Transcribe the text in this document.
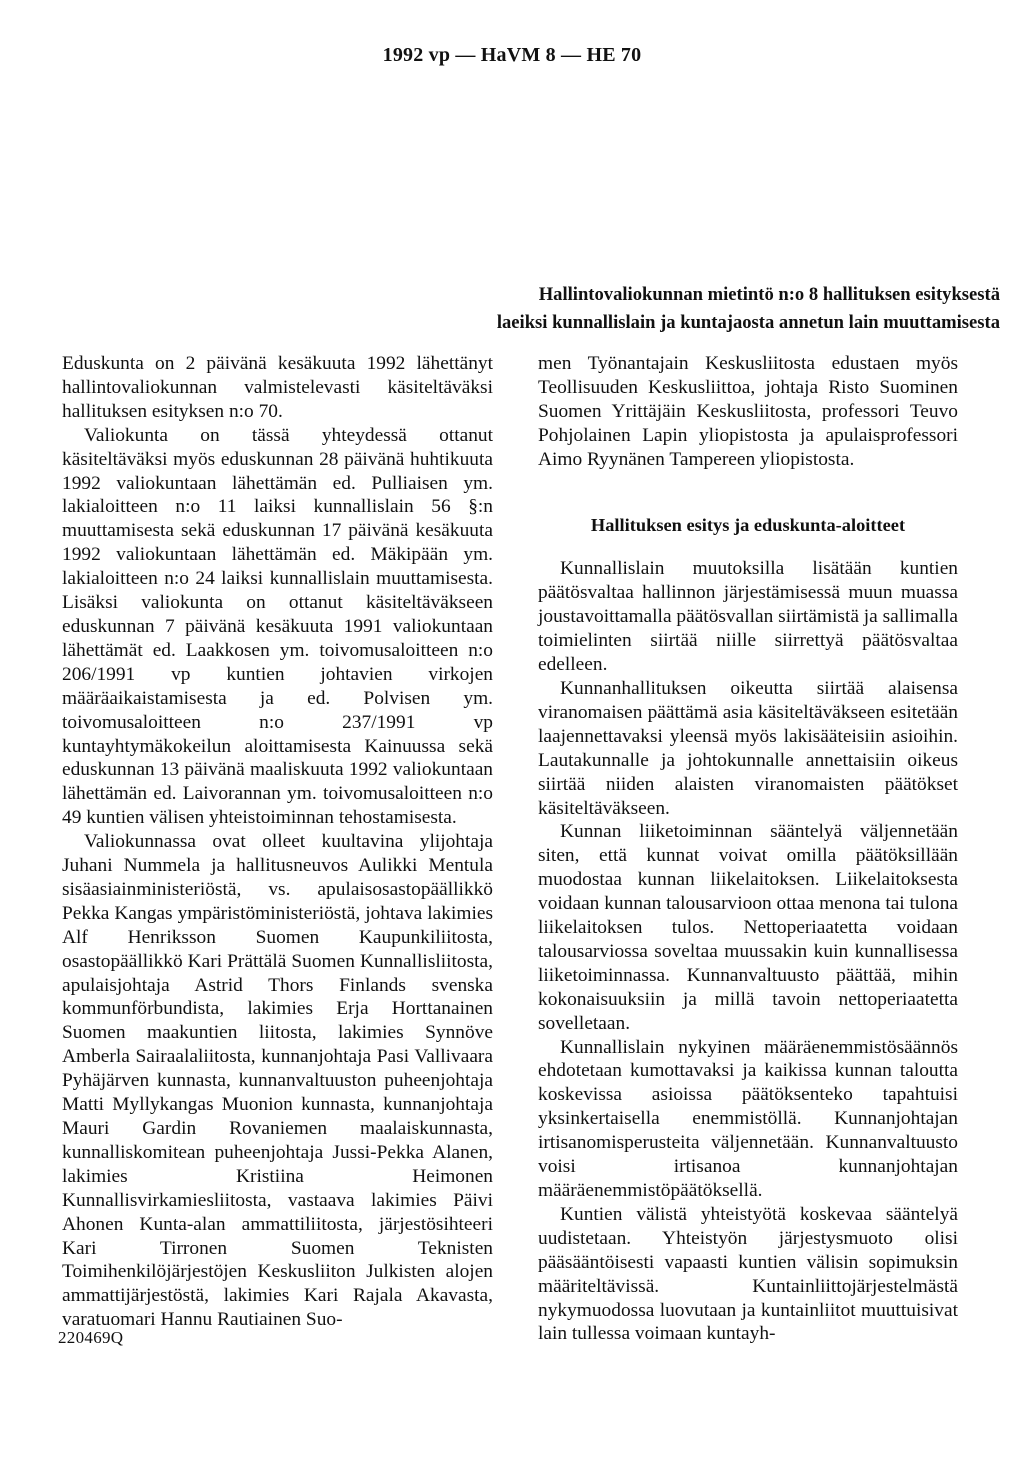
1992 vp — HaVM 8 — HE 70
Hallintovaliokunnan mietintö n:o 8 hallituksen esityksestä
laeiksi kunnallislain ja kuntajaosta annetun lain muuttamisesta

Eduskunta on 2 päivänä kesäkuuta 1992 lähettänyt hallintovaliokunnan valmistelevasti käsiteltäväksi hallituksen esityksen n:o 70.

Valiokunta on tässä yhteydessä ottanut käsiteltäväksi myös eduskunnan 28 päivänä huhtikuuta 1992 valiokuntaan lähettämän ed. Pulliaisen ym. lakialoitteen n:o 11 laiksi kunnallislain 56 §:n muuttamisesta sekä eduskunnan 17 päivänä kesäkuuta 1992 valiokuntaan lähettämän ed. Mäkipään ym. lakialoitteen n:o 24 laiksi kunnallislain muuttamisesta. Lisäksi valiokunta on ottanut käsiteltäväkseen eduskunnan 7 päivänä kesäkuuta 1991 valiokuntaan lähettämät ed. Laakkosen ym. toivomusaloitteen n:o 206/1991 vp kuntien johtavien virkojen määräaikaistamisesta ja ed. Polvisen ym. toivomusaloitteen n:o 237/1991 vp kuntayhtymäkokeilun aloittamisesta Kainuussa sekä eduskunnan 13 päivänä maaliskuuta 1992 valiokuntaan lähettämän ed. Laivorannan ym. toivomusaloitteen n:o 49 kuntien välisen yhteistoiminnan tehostamisesta.

Valiokunnassa ovat olleet kuultavina ylijohtaja Juhani Nummela ja hallitusneuvos Aulikki Mentula sisäasiainministeriöstä, vs. apulaisosastopäällikkö Pekka Kangas ympäristöministeriöstä, johtava lakimies Alf Henriksson Suomen Kaupunkiliitosta, osastopäällikkö Kari Prättälä Suomen Kunnallisliitosta, apulaisjohtaja Astrid Thors Finlands svenska kommunförbundista, lakimies Erja Horttanainen Suomen maakuntien liitosta, lakimies Synnöve Amberla Sairaalaliitosta, kunnanjohtaja Pasi Vallivaara Pyhäjärven kunnasta, kunnanvaltuuston puheenjohtaja Matti Myllykangas Muonion kunnasta, kunnanjohtaja Mauri Gardin Rovaniemen maalaiskunnasta, kunnalliskomitean puheenjohtaja Jussi-Pekka Alanen, lakimies Kristiina Heimonen Kunnallisvirkamiesliitosta, vastaava lakimies Päivi Ahonen Kunta-alan ammattiliitosta, järjestösihteeri Kari Tirronen Suomen Teknisten Toimihenkilöjärjestöjen Keskusliiton Julkisten alojen ammattijärjestöstä, lakimies Kari Rajala Akavasta, varatuomari Hannu Rautiainen Suo-

men Työnantajain Keskusliitosta edustaen myös Teollisuuden Keskusliittoa, johtaja Risto Suominen Suomen Yrittäjäin Keskusliitosta, professori Teuvo Pohjolainen Lapin yliopistosta ja apulaisprofessori Aimo Ryynänen Tampereen yliopistosta.

Hallituksen esitys ja eduskunta-aloitteet

Kunnallislain muutoksilla lisätään kuntien päätösvaltaa hallinnon järjestämisessä muun muassa joustavoittamalla päätösvallan siirtämistä ja sallimalla toimielinten siirtää niille siirrettyä päätösvaltaa edelleen.

Kunnanhallituksen oikeutta siirtää alaisensa viranomaisen päättämä asia käsiteltäväkseen esitetään laajennettavaksi yleensä myös lakisääteisiin asioihin. Lautakunnalle ja johtokunnalle annettaisiin oikeus siirtää niiden alaisten viranomaisten päätökset käsiteltäväkseen.

Kunnan liiketoiminnan sääntelyä väljennetään siten, että kunnat voivat omilla päätöksillään muodostaa kunnan liikelaitoksen. Liikelaitoksesta voidaan kunnan talousarvioon ottaa menona tai tulona liikelaitoksen tulos. Nettoperiaatetta voidaan talousarviossa soveltaa muussakin kuin kunnallisessa liiketoiminnassa. Kunnanvaltuusto päättää, mihin kokonaisuuksiin ja millä tavoin nettoperiaatetta sovelletaan.

Kunnallislain nykyinen määräenemmistösäännös ehdotetaan kumottavaksi ja kaikissa kunnan taloutta koskevissa asioissa päätöksenteko tapahtuisi yksinkertaisella enemmistöllä. Kunnanjohtajan irtisanomisperusteita väljennetään. Kunnanvaltuusto voisi irtisanoa kunnanjohtajan määräenemmistöpäätöksellä.

Kuntien välistä yhteistyötä koskevaa sääntelyä uudistetaan. Yhteistyön järjestysmuoto olisi pääsääntöisesti vapaasti kuntien välisin sopimuksin määriteltävissä. Kuntainliittojärjestelmästä nykymuodossa luovutaan ja kuntainliitot muuttuisivat lain tullessa voimaan kuntayh-

220469Q
